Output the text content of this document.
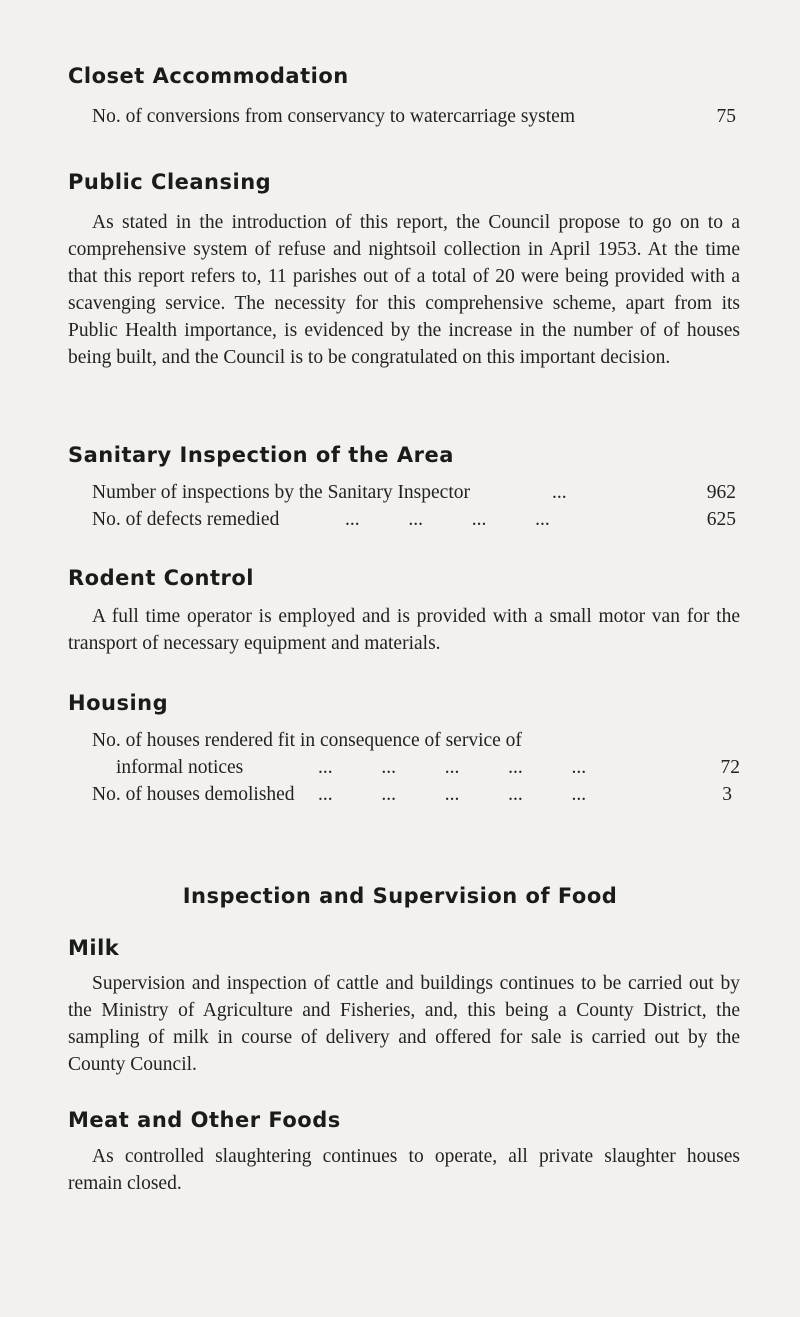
Closet Accommodation
No. of conversions from conservancy to watercarriage system	75
Public Cleansing

As stated in the introduction of this report, the Council propose to go on to a comprehensive system of refuse and nightsoil collection in April 1953. At the time that this report refers to, 11 parishes out of a total of 20 were being provided with a scavenging service. The necessity for this comprehensive scheme, apart from its Public Health importance, is evidenced by the increase in the number of of houses being built, and the Council is to be congratulated on this important decision.

Sanitary Inspection of the Area
Number of inspections by the Sanitary Inspector	...	962
No. of defects remedied	...          ...          ...          ...	625
Rodent Control

A full time operator is employed and is provided with a small motor van for the transport of necessary equipment and materials.

Housing
No. of houses rendered fit in consequence of service of
informal notices	...          ...          ...          ...          ...	72
No. of houses demolished ...          ...          ...          ...          ...	3
Inspection and Supervision of Food
Milk

Supervision and inspection of cattle and buildings continues to be carried out by the Ministry of Agriculture and Fisheries, and, this being a County District, the sampling of milk in course of delivery and offered for sale is carried out by the County Council.

Meat and Other Foods

As controlled slaughtering continues to operate, all private slaughter houses remain closed.
